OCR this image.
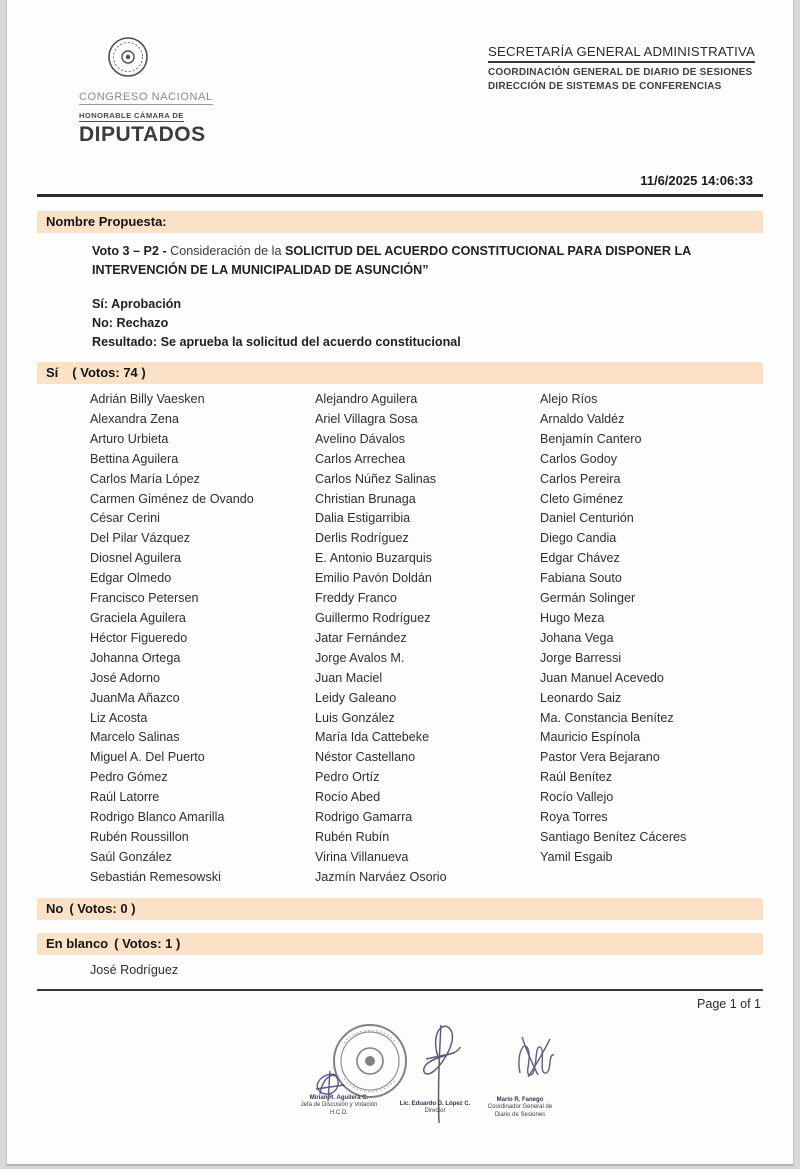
CONGRESO NACIONAL
HONORABLE CÁMARA DE
DIPUTADOS
SECRETARÍA GENERAL ADMINISTRATIVA
COORDINACIÓN GENERAL DE DIARIO DE SESIONES
DIRECCIÓN DE SISTEMAS DE CONFERENCIAS
11/6/2025 14:06:33
Nombre Propuesta:
Voto 3 – P2 - Consideración de la SOLICITUD DEL ACUERDO CONSTITUCIONAL PARA DISPONER LA INTERVENCIÓN DE LA MUNICIPALIDAD DE ASUNCIÓN”
Sí: Aprobación
No: Rechazo
Resultado: Se aprueba la solicitud del acuerdo constitucional
Sí ( Votos: 74 )
Adrián Billy Vaesken	Alejandro Aguilera	Alejo Ríos
Alexandra Zena	Ariel Villagra Sosa	Arnaldo Valdéz
Arturo Urbieta	Avelino Dávalos	Benjamín Cantero
Bettina Aguilera	Carlos Arrechea	Carlos Godoy
Carlos María López	Carlos Núñez Salinas	Carlos Pereira
Carmen Giménez de Ovando	Christian Brunaga	Cleto Giménez
César Cerini	Dalia Estigarribia	Daniel Centurión
Del Pilar Vázquez	Derlis Rodríguez	Diego Candia
Diosnel Aguilera	E. Antonio Buzarquis	Edgar Chávez
Edgar Olmedo	Emilio Pavón Doldán	Fabiana Souto
Francisco Petersen	Freddy Franco	Germán Solinger
Graciela Aguilera	Guillermo Rodríguez	Hugo Meza
Héctor Figueredo	Jatar Fernández	Johana Vega
Johanna Ortega	Jorge Avalos M.	Jorge Barressi
José Adorno	Juan Maciel	Juan Manuel Acevedo
JuanMa Añazco	Leidy Galeano	Leonardo Saiz
Liz Acosta	Luis González	Ma. Constancia Benítez
Marcelo Salinas	María Ida Cattebeke	Mauricio Espínola
Miguel A. Del Puerto	Néstor Castellano	Pastor Vera Bejarano
Pedro Gómez	Pedro Ortíz	Raúl Benítez
Raúl Latorre	Rocío Abed	Rocío Vallejo
Rodrigo Blanco Amarilla	Rodrigo Gamarra	Roya Torres
Rubén Roussillon	Rubén Rubín	Santiago Benítez Cáceres
Saúl González	Virina Villanueva	Yamil Esgaib
Sebastián Remesowski	Jazmín Narváez Osorio
No ( Votos: 0 )
En blanco ( Votos: 1 )
José Rodríguez
Page 1 of 1
Mirian R. Aguilera C.
Jefa de Discusión y Votación
H.C.D.
Lic. Eduardo D. López C.
Director
Mario R. Fanego
Coordinador General de
Diario de Sesiones
